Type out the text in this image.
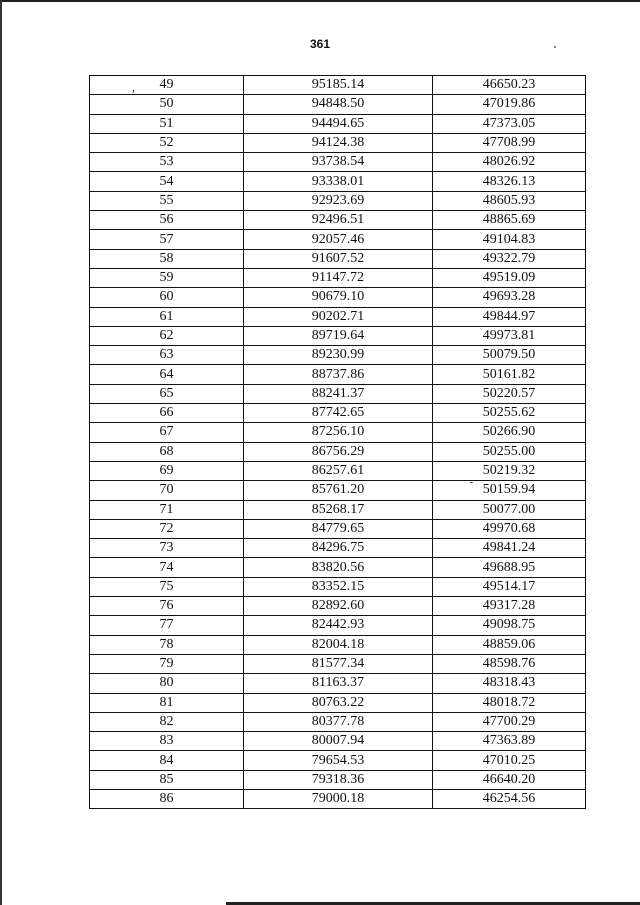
361
, 49	95185.14	46650.23
50	94848.50	47019.86
51	94494.65	47373.05
52	94124.38	47708.99
53	93738.54	48026.92
54	93338.01	48326.13
55	92923.69	48605.93
56	92496.51	48865.69
57	92057.46	49104.83
58	91607.52	49322.79
59	91147.72	49519.09
60	90679.10	49693.28
61	90202.71	49844.97
62	89719.64	49973.81
63	89230.99	50079.50
64	88737.86	50161.82
65	88241.37	50220.57
66	87742.65	50255.62
67	87256.10	50266.90
68	86756.29	50255.00
69	86257.61	50219.32
70	85761.20	50159.94
71	85268.17	50077.00
72	84779.65	49970.68
73	84296.75	49841.24
74	83820.56	49688.95
75	83352.15	49514.17
76	82892.60	49317.28
77	82442.93	49098.75
78	82004.18	48859.06
79	81577.34	48598.76
80	81163.37	48318.43
81	80763.22	48018.72
82	80377.78	47700.29
83	80007.94	47363.89
84	79654.53	47010.25
85	79318.36	46640.20
86	79000.18	46254.56
